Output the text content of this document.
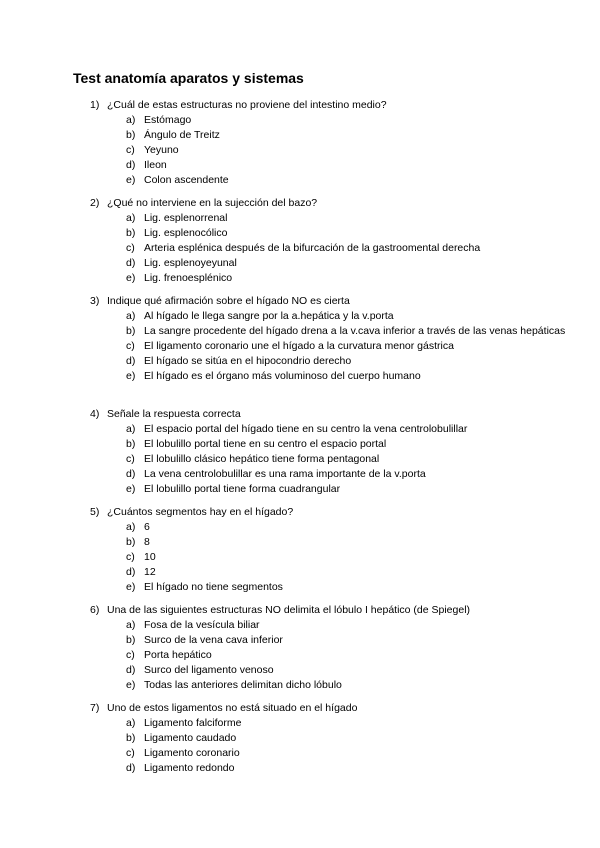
Test anatomía aparatos y sistemas
1) ¿Cuál de estas estructuras no proviene del intestino medio?
a) Estómago
b) Ángulo de Treitz
c) Yeyuno
d) Ileon
e) Colon ascendente
2) ¿Qué no interviene en la sujección del bazo?
a) Lig. esplenorrenal
b) Lig. esplenocólico
c) Arteria esplénica después de la bifurcación de la gastroomental derecha
d) Lig. esplenoyeyunal
e) Lig. frenoesplénico
3) Indique qué afirmación sobre el hígado NO es cierta
a) Al hígado le llega sangre por la a.hepática y la v.porta
b) La sangre procedente del hígado drena a la v.cava inferior a través de las venas hepáticas
c) El ligamento coronario une el hígado a la curvatura menor gástrica
d) El hígado se sitúa en el hipocondrio derecho
e) El hígado es el órgano más voluminoso del cuerpo humano
4) Señale la respuesta correcta
a) El espacio portal del hígado tiene en su centro la vena centrolobulillar
b) El lobulillo portal tiene en su centro el espacio portal
c) El lobulillo clásico hepático tiene forma pentagonal
d) La vena centrolobulillar es una rama importante de la v.porta
e) El lobulillo portal tiene forma cuadrangular
5) ¿Cuántos segmentos hay en el hígado?
a) 6
b) 8
c) 10
d) 12
e) El hígado no tiene segmentos
6) Una de las siguientes estructuras NO delimita el lóbulo I hepático (de Spiegel)
a) Fosa de la vesícula biliar
b) Surco de la vena cava inferior
c) Porta hepático
d) Surco del ligamento venoso
e) Todas las anteriores delimitan dicho lóbulo
7) Uno de estos ligamentos no está situado en el hígado
a) Ligamento falciforme
b) Ligamento caudado
c) Ligamento coronario
d) Ligamento redondo
